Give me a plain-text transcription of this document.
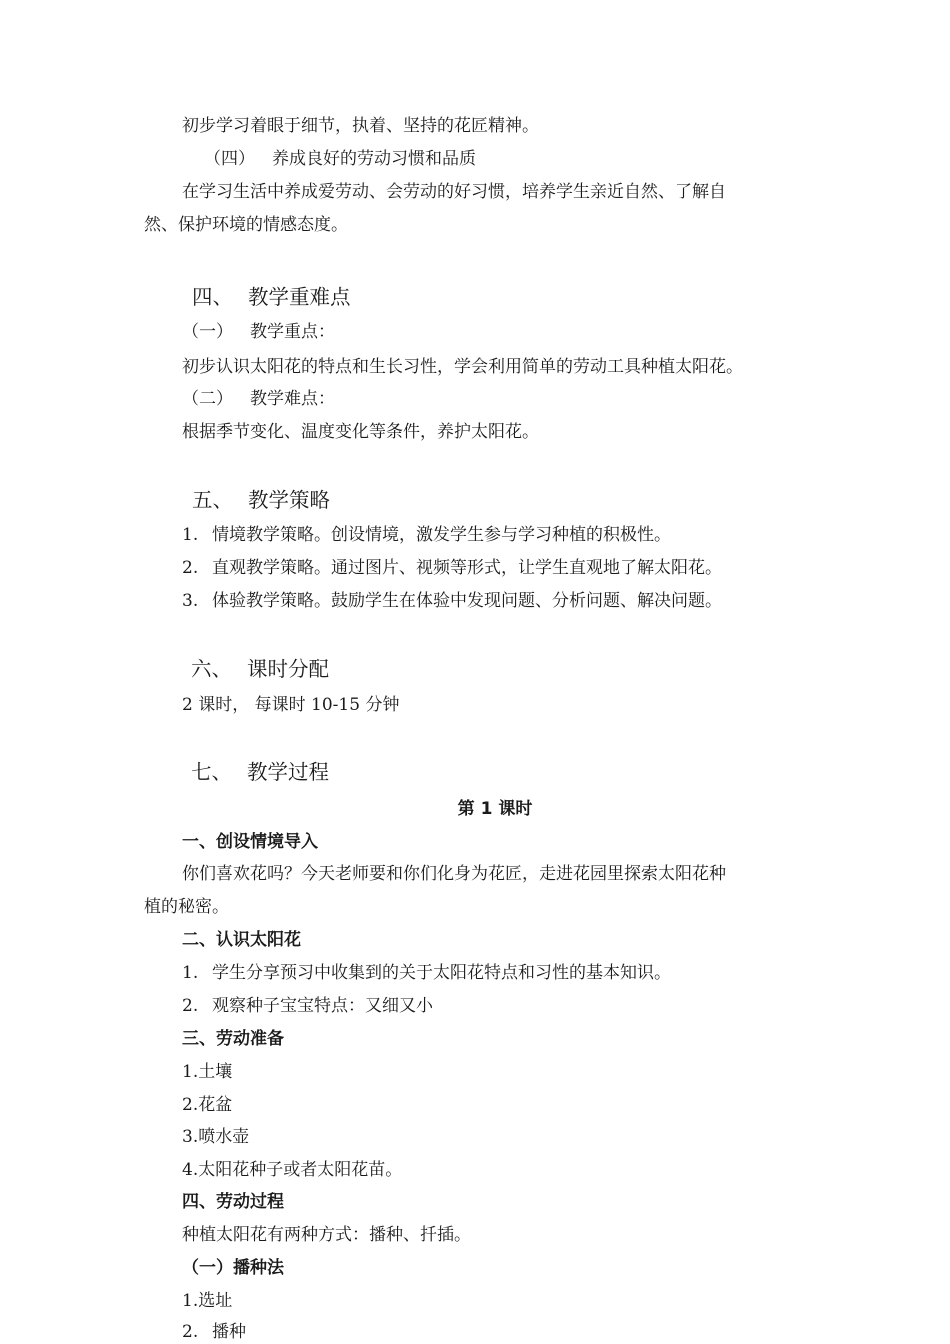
初步学习着眼于细节，执着、坚持的花匠精神。
（四） 养成良好的劳动习惯和品质
在学习生活中养成爱劳动、会劳动的好习惯，培养学生亲近自然、了解自
然、保护环境的情感态度。
四、 教学重难点
（一） 教学重点：
初步认识太阳花的特点和生长习性，学会利用简单的劳动工具种植太阳花。
（二） 教学难点：
根据季节变化、温度变化等条件，养护太阳花。
五、 教学策略
1. 情境教学策略。创设情境，激发学生参与学习种植的积极性。
2. 直观教学策略。通过图片、视频等形式，让学生直观地了解太阳花。
3. 体验教学策略。鼓励学生在体验中发现问题、分析问题、解决问题。
六、 课时分配
2 课时， 每课时 10-15 分钟
七、 教学过程
第 1 课时
一、创设情境导入
你们喜欢花吗？今天老师要和你们化身为花匠，走进花园里探索太阳花种
植的秘密。
二、认识太阳花
1. 学生分享预习中收集到的关于太阳花特点和习性的基本知识。
2. 观察种子宝宝特点：又细又小
三、劳动准备
1.土壤
2.花盆
3.喷水壶
4.太阳花种子或者太阳花苗。
四、劳动过程
种植太阳花有两种方式：播种、扦插。
（一）播种法
1.选址
2. 播种
